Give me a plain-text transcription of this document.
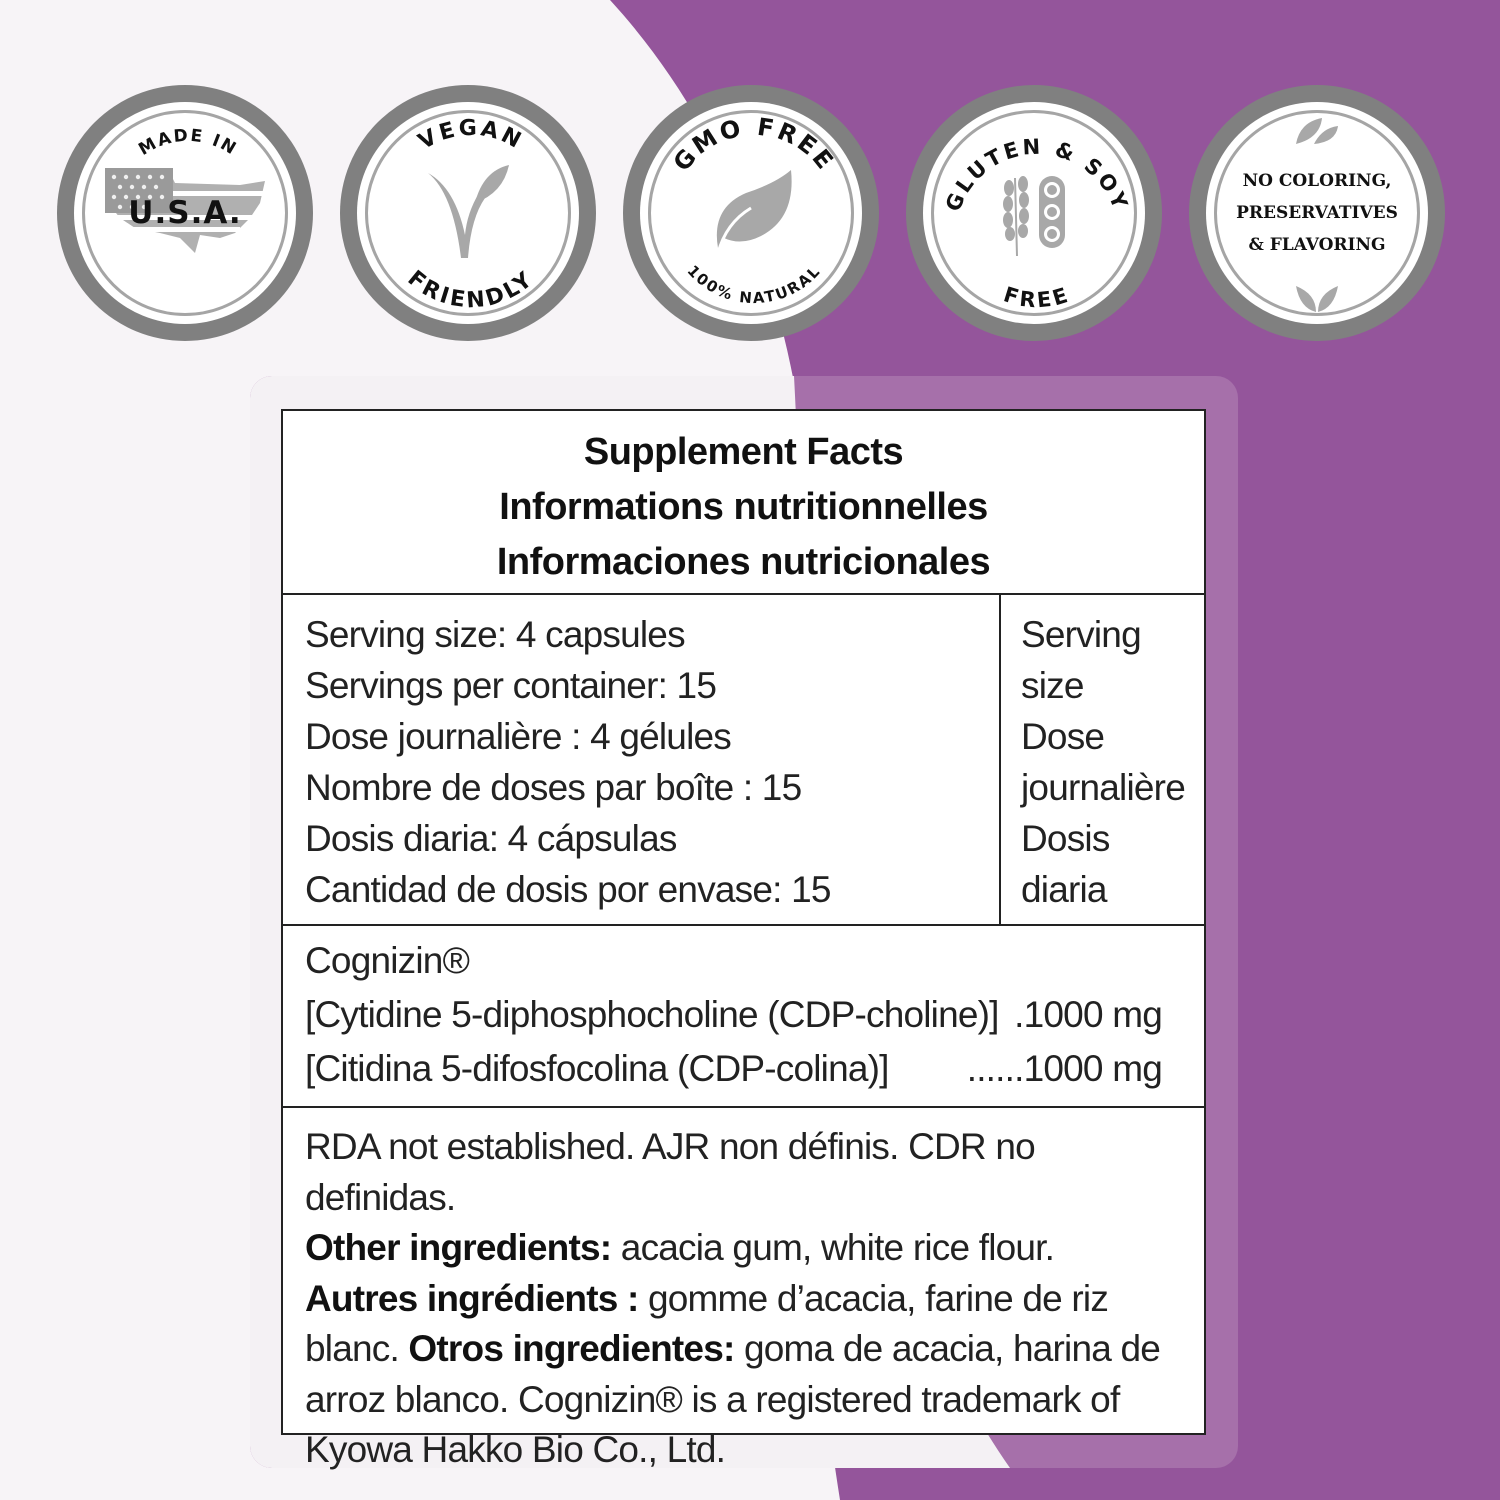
MADE IN
U.S.A.
VEGAN
FRIENDLY
GMO FREE
100% NATURAL
GLUTEN & SOY
FREE
NO COLORING,
PRESERVATIVES
& FLAVORING
Supplement Facts
Informations nutritionnelles
Informaciones nutricionales
Serving size: 4 capsules
Servings per container: 15
Dose journalière : 4 gélules
Nombre de doses par boîte : 15
Dosis diaria: 4 cápsulas
Cantidad de dosis por envase: 15
Serving
size
Dose
journalière
Dosis
diaria
Cognizin®
[Cytidine 5-diphosphocholine (CDP-choline)] .1000 mg
[Citidina 5-difosfocolina (CDP-colina)] ......1000 mg
RDA not established. AJR non définis. CDR no definidas.
Other ingredients: acacia gum, white rice flour.
Autres ingrédients : gomme d’acacia, farine de riz blanc. Otros ingredientes: goma de acacia, harina de arroz blanco. Cognizin® is a registered trademark of Kyowa Hakko Bio Co., Ltd.
